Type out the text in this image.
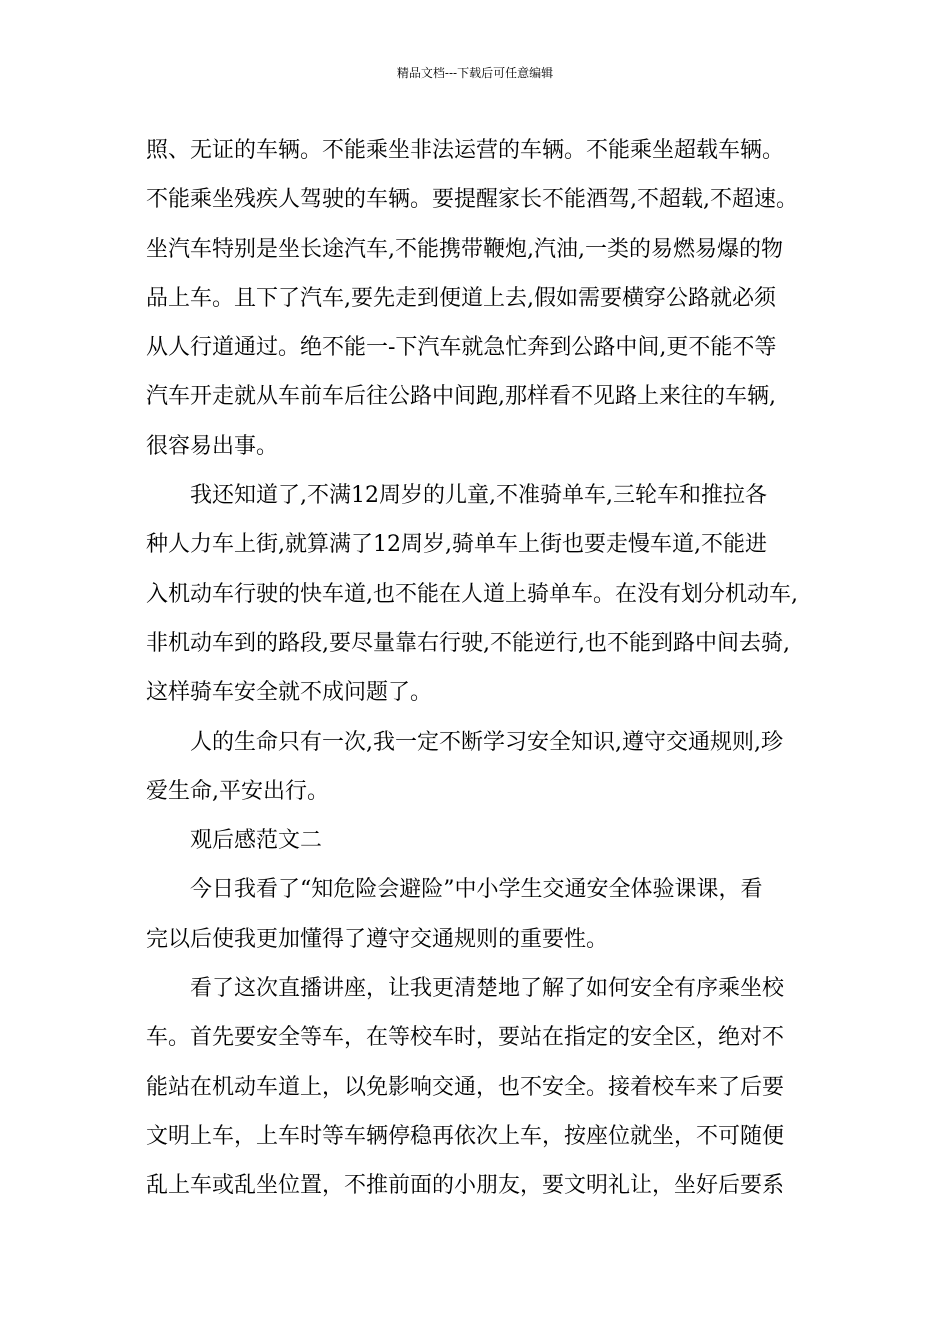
精品文档---下载后可任意编辑
照、无证的车辆。不能乘坐非法运营的车辆。不能乘坐超载车辆。
不能乘坐残疾人驾驶的车辆。要提醒家长不能酒驾,不超载,不超速。
坐汽车特别是坐长途汽车,不能携带鞭炮,汽油,一类的易燃易爆的物
品上车。且下了汽车,要先走到便道上去,假如需要横穿公路就必须
从人行道通过。绝不能一-下汽车就急忙奔到公路中间,更不能不等
汽车开走就从车前车后往公路中间跑,那样看不见路上来往的车辆,
很容易出事。
我还知道了,不满12周岁的儿童,不准骑单车,三轮车和推拉各
种人力车上街,就算满了12周岁,骑单车上街也要走慢车道,不能进
入机动车行驶的快车道,也不能在人道上骑单车。在没有划分机动车,
非机动车到的路段,要尽量靠右行驶,不能逆行,也不能到路中间去骑,
这样骑车安全就不成问题了。
人的生命只有一次,我一定不断学习安全知识,遵守交通规则,珍
爱生命,平安出行。
观后感范文二
今日我看了“知危险会避险”中小学生交通安全体验课课，看
完以后使我更加懂得了遵守交通规则的重要性。
看了这次直播讲座，让我更清楚地了解了如何安全有序乘坐校
车。首先要安全等车，在等校车时，要站在指定的安全区，绝对不
能站在机动车道上，以免影响交通，也不安全。接着校车来了后要
文明上车，上车时等车辆停稳再依次上车，按座位就坐，不可随便
乱上车或乱坐位置，不推前面的小朋友，要文明礼让，坐好后要系
